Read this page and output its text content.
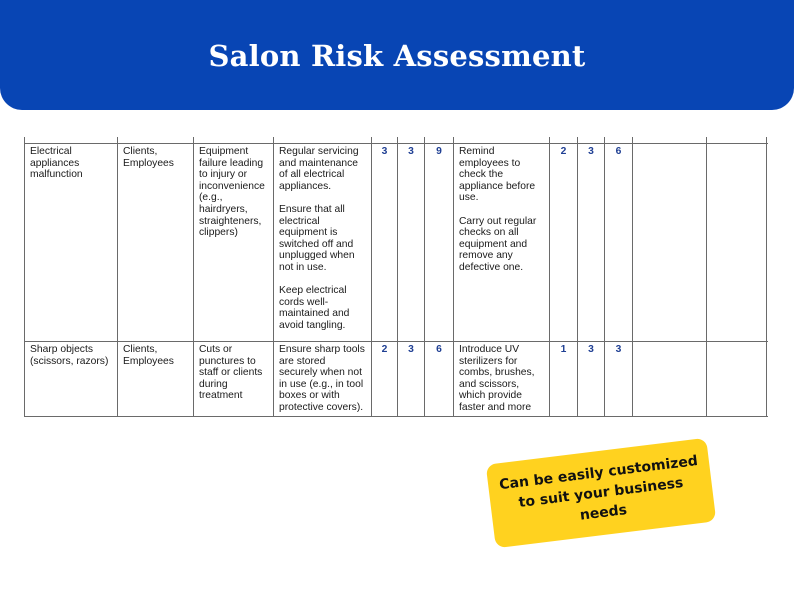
Salon Risk Assessment

Electrical appliances malfunction	Clients, Employees	Equipment failure leading to injury or inconvenience (e.g., hairdryers, straighteners, clippers)	Regular servicing and maintenance of all electrical appliances.

Ensure that all electrical equipment is switched off and unplugged when not in use.

Keep electrical cords well-maintained and avoid tangling.	3	3	9	Remind employees to check the appliance before use.

Carry out regular checks on all equipment and remove any defective one.	2	3	6			
Sharp objects (scissors, razors)	Clients, Employees	Cuts or punctures to staff or clients during treatment	Ensure sharp tools are stored securely when not in use (e.g., in tool boxes or with protective covers).	2	3	6	Introduce UV sterilizers for combs, brushes, and scissors, which provide faster and more	1	3	3			
Can be easily customized to suit your business needs
